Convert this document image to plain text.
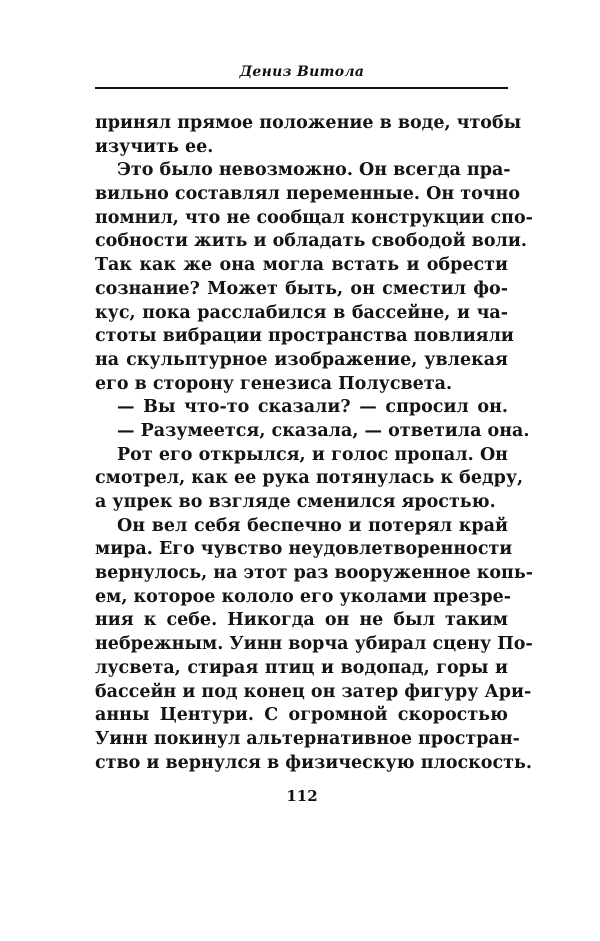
Дениз Витола
принял прямое положение в воде, чтобы
изучить ее.
Это было невозможно. Он всегда пра-
вильно составлял переменные. Он точно
помнил, что не сообщал конструкции спо-
собности жить и обладать свободой воли.
Так как же она могла встать и обрести
сознание? Может быть, он сместил фо-
кус, пока расслабился в бассейне, и ча-
стоты вибрации пространства повлияли
на скульптурное изображение, увлекая
его в сторону генезиса Полусвета.
— Вы что-то сказали? — спросил он.
— Разумеется, сказала, — ответила она.
Рот его открылся, и голос пропал. Он
смотрел, как ее рука потянулась к бедру,
а упрек во взгляде сменился яростью.
Он вел себя беспечно и потерял край
мира. Его чувство неудовлетворенности
вернулось, на этот раз вооруженное копь-
ем, которое кололо его уколами презре-
ния к себе. Никогда он не был таким
небрежным. Уинн ворча убирал сцену По-
лусвета, стирая птиц и водопад, горы и
бассейн и под конец он затер фигуру Ари-
анны Центури. С огромной скоростью
Уинн покинул альтернативное простран-
ство и вернулся в физическую плоскость.
112
